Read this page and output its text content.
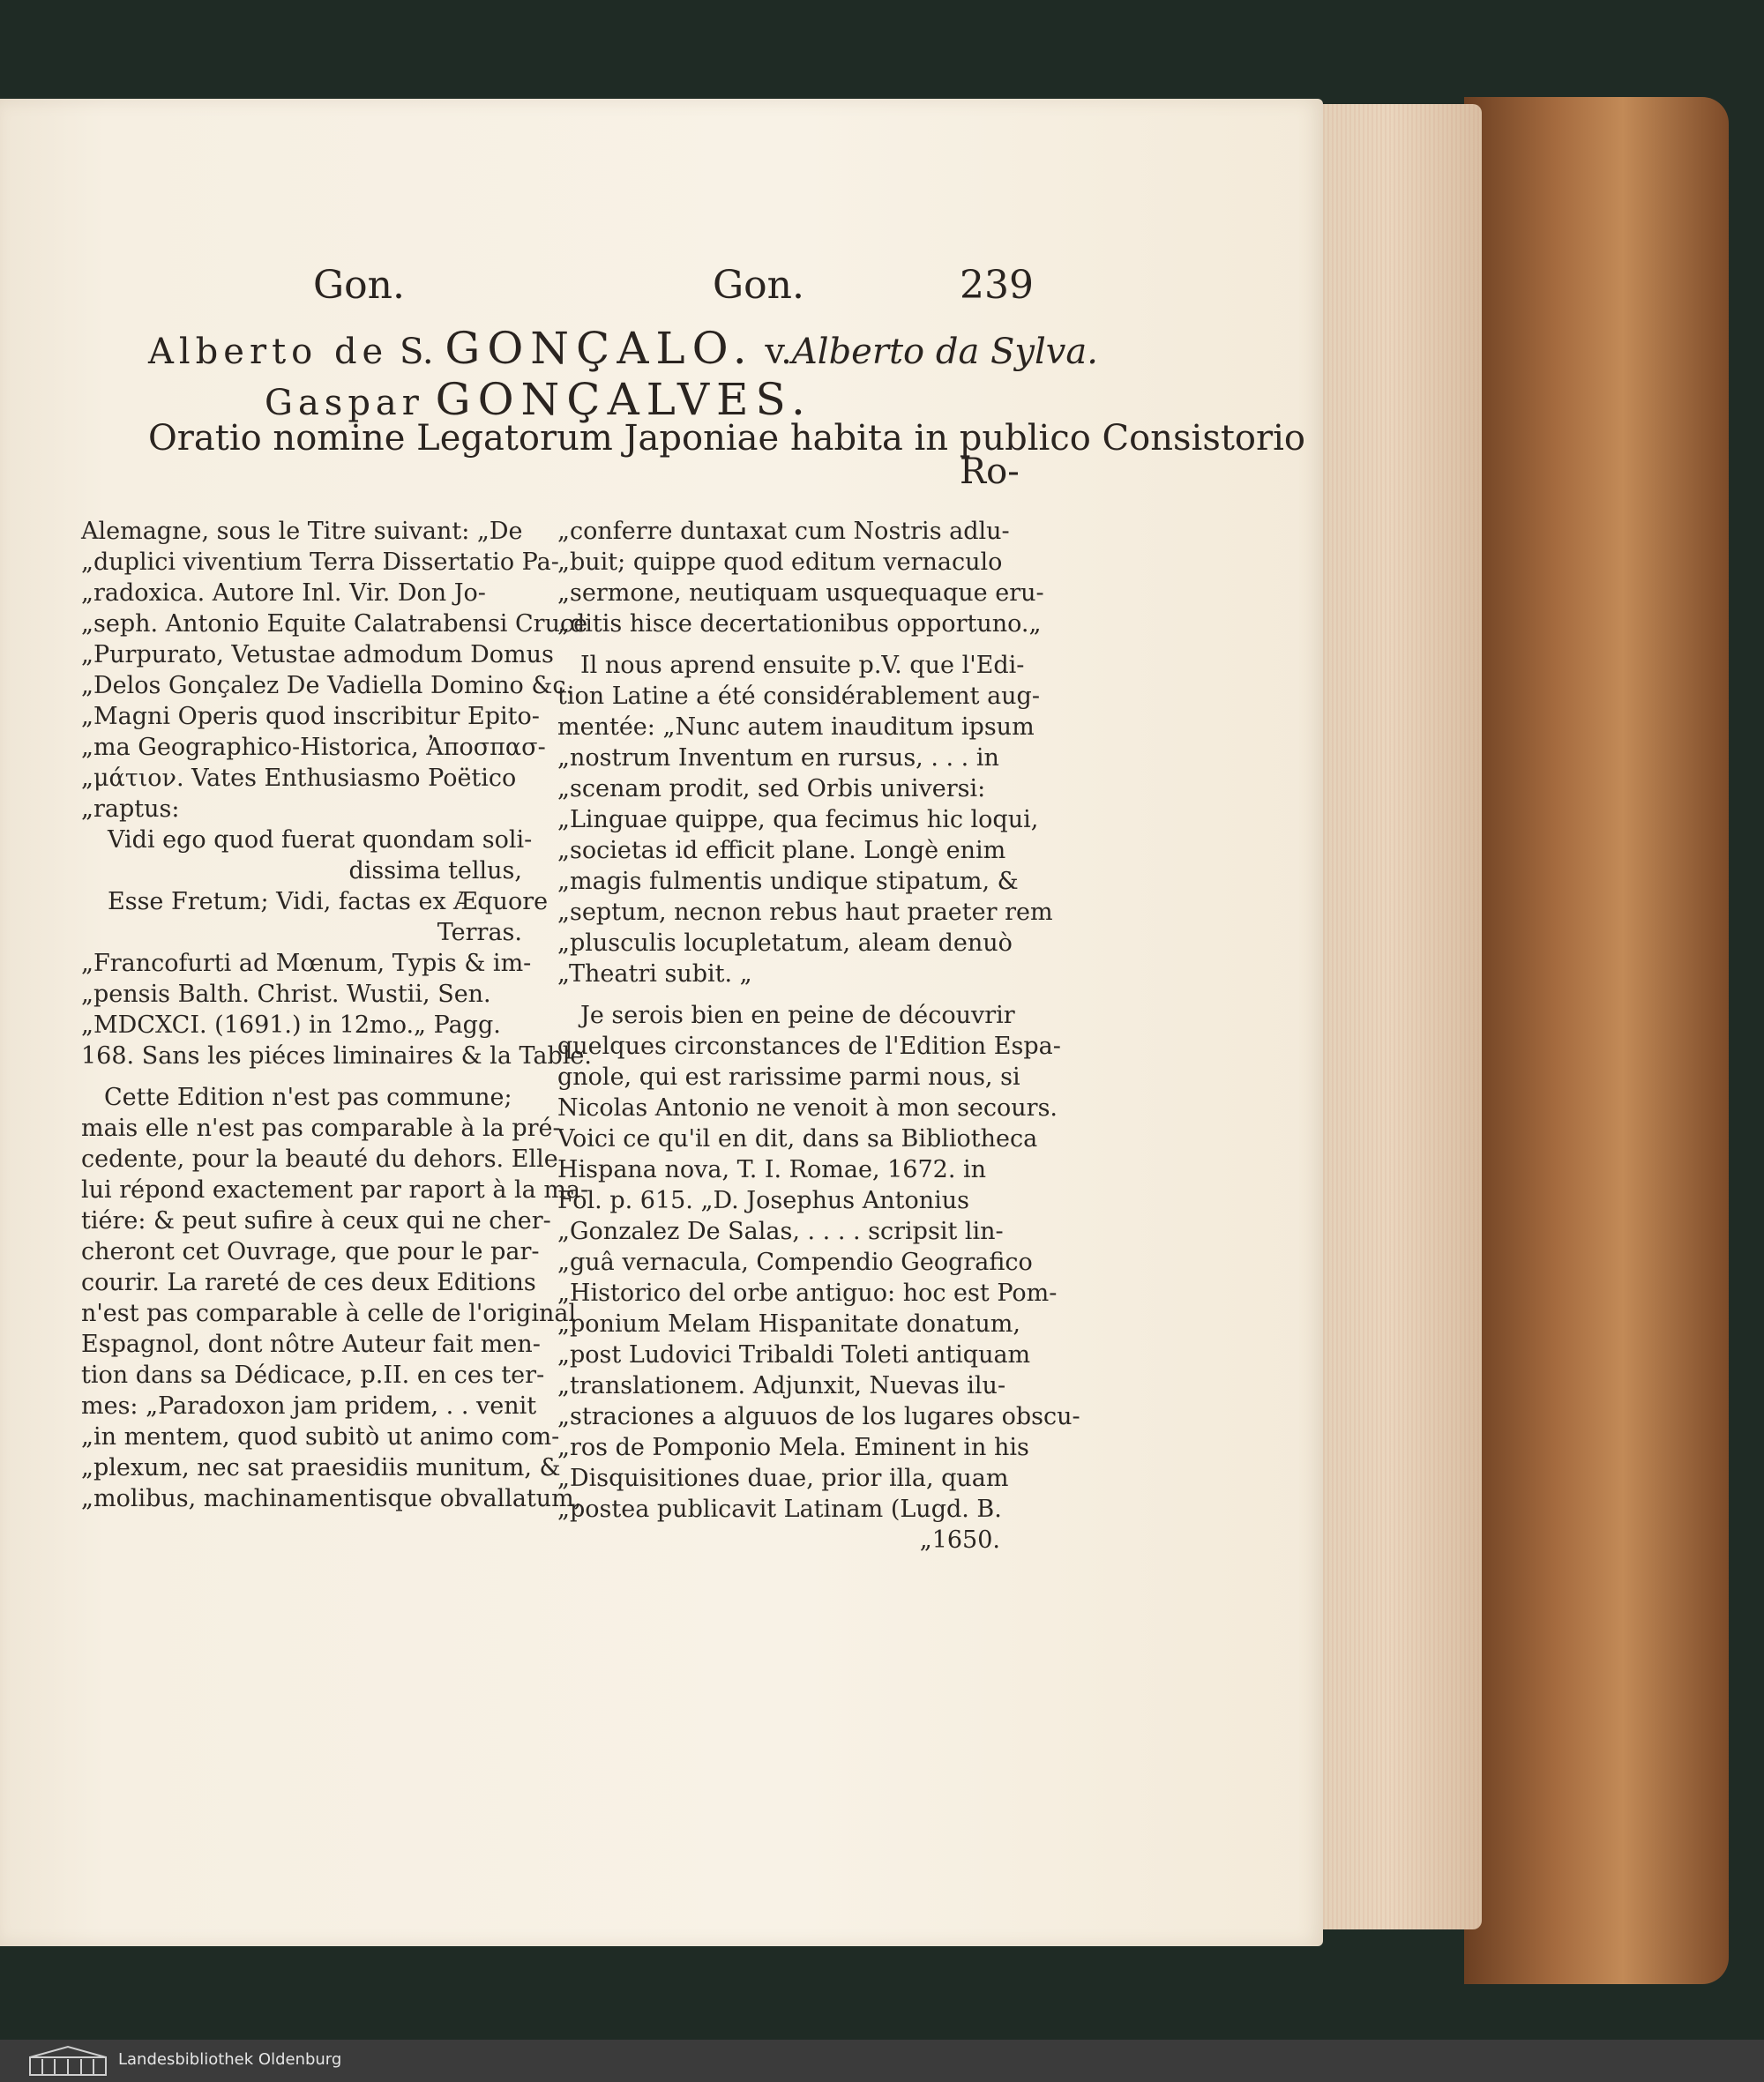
Gon.	Gon.	239
Alberto de S. GONÇALO. v.Alberto da Sylva.
Gaspar GONÇALVES.
Oratio nomine Legatorum Japoniae habita in publico Consistorio
Ro-
Alemagne, sous le Titre suivant: „De
„duplici viventium Terra Dissertatio Pa-
„radoxica. Autore Inl. Vir. Don Jo-
„seph. Antonio Equite Calatrabensi Cruce
„Purpurato, Vetustae admodum Domus
„Delos Gonçalez De Vadiella Domino &c.
„Magni Operis quod inscribitur Epito-
„ma Geographico-Historica, Ἀποσπασ-
„μάτιον. Vates Enthusiasmo Poëtico
„raptus:
Vidi ego quod fuerat quondam soli-
dissima tellus,
Esse Fretum; Vidi, factas ex Æquore
Terras.
„Francofurti ad Mœnum, Typis & im-
„pensis Balth. Christ. Wustii, Sen.
„MDCXCI. (1691.) in 12mo.„ Pagg.
168. Sans les piéces liminaires & la Table.
Cette Edition n'est pas commune;
mais elle n'est pas comparable à la pré-
cedente, pour la beauté du dehors. Elle
lui répond exactement par raport à la ma-
tiére: & peut sufire à ceux qui ne cher-
cheront cet Ouvrage, que pour le par-
courir. La rareté de ces deux Editions
n'est pas comparable à celle de l'original
Espagnol, dont nôtre Auteur fait men-
tion dans sa Dédicace, p.II. en ces ter-
mes: „Paradoxon jam pridem, . . venit
„in mentem, quod subitò ut animo com-
„plexum, nec sat praesidiis munitum, &
„molibus, machinamentisque obvallatum,
„conferre duntaxat cum Nostris adlu-
„buit; quippe quod editum vernaculo
„sermone, neutiquam usquequaque eru-
„ditis hisce decertationibus opportuno.„
Il nous aprend ensuite p.V. que l'Edi-
tion Latine a été considérablement aug-
mentée: „Nunc autem inauditum ipsum
„nostrum Inventum en rursus, . . . in
„scenam prodit, sed Orbis universi:
„Linguae quippe, qua fecimus hic loqui,
„societas id efficit plane. Longè enim
„magis fulmentis undique stipatum, &
„septum, necnon rebus haut praeter rem
„plusculis locupletatum, aleam denuò
„Theatri subit. „
Je serois bien en peine de découvrir
quelques circonstances de l'Edition Espa-
gnole, qui est rarissime parmi nous, si
Nicolas Antonio ne venoit à mon secours.
Voici ce qu'il en dit, dans sa Bibliotheca
Hispana nova, T. I. Romae, 1672. in
Fol. p. 615. „D. Josephus Antonius
„Gonzalez De Salas, . . . . scripsit lin-
„guâ vernacula, Compendio Geografico
„Historico del orbe antiguo: hoc est Pom-
„ponium Melam Hispanitate donatum,
„post Ludovici Tribaldi Toleti antiquam
„translationem. Adjunxit, Nuevas ilu-
„straciones a alguuos de los lugares obscu-
„ros de Pomponio Mela. Eminent in his
„Disquisitiones duae, prior illa, quam
„postea publicavit Latinam (Lugd. B.
„1650.
Landesbibliothek Oldenburg
